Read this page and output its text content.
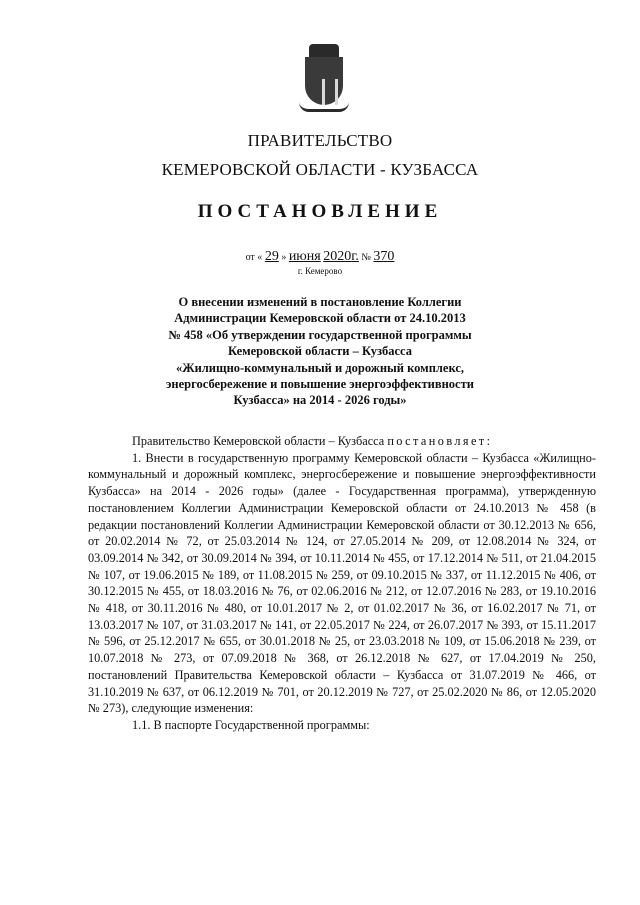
ПРАВИТЕЛЬСТВО
КЕМЕРОВСКОЙ ОБЛАСТИ - КУЗБАССА
ПОСТАНОВЛЕНИЕ
от « 29 » июня 2020г. № 370
г. Кемерово
О внесении изменений в постановление Коллегии
Администрации Кемеровской области от 24.10.2013
№ 458 «Об утверждении государственной программы
Кемеровской области – Кузбасса
«Жилищно-коммунальный и дорожный комплекс,
энергосбережение и повышение энергоэффективности
Кузбасса» на 2014 - 2026 годы»

Правительство Кемеровской области – Кузбасса постановляет:

1. Внести в государственную программу Кемеровской области – Кузбасса «Жилищно-коммунальный и дорожный комплекс, энергосбережение и повышение энергоэффективности Кузбасса» на 2014 - 2026 годы» (далее - Государственная программа), утвержденную постановлением Коллегии Администрации Кемеровской области от 24.10.2013 № 458 (в редакции постановлений Коллегии Администрации Кемеровской области от 30.12.2013 № 656, от 20.02.2014 № 72, от 25.03.2014 № 124, от 27.05.2014 № 209, от 12.08.2014 № 324, от 03.09.2014 № 342, от 30.09.2014 № 394, от 10.11.2014 № 455, от 17.12.2014 № 511, от 21.04.2015 № 107, от 19.06.2015 № 189, от 11.08.2015 № 259, от 09.10.2015 № 337, от 11.12.2015 № 406, от 30.12.2015 № 455, от 18.03.2016 № 76, от 02.06.2016 № 212, от 12.07.2016 № 283, от 19.10.2016 № 418, от 30.11.2016 № 480, от 10.01.2017 № 2, от 01.02.2017 № 36, от 16.02.2017 № 71, от 13.03.2017 № 107, от 31.03.2017 № 141, от 22.05.2017 № 224, от 26.07.2017 № 393, от 15.11.2017 № 596, от 25.12.2017 № 655, от 30.01.2018 № 25, от 23.03.2018 № 109, от 15.06.2018 № 239, от 10.07.2018 № 273, от 07.09.2018 № 368, от 26.12.2018 № 627, от 17.04.2019 № 250, постановлений Правительства Кемеровской области – Кузбасса от 31.07.2019 № 466, от 31.10.2019 № 637, от 06.12.2019 № 701, от 20.12.2019 № 727, от 25.02.2020 № 86, от 12.05.2020 № 273), следующие изменения:

1.1. В паспорте Государственной программы:
